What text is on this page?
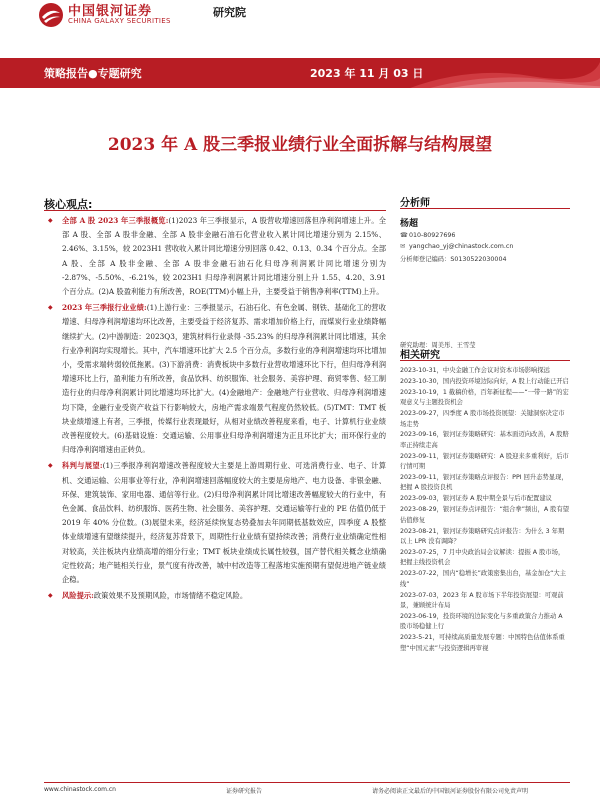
中国银河证券
CHINA GALAXY SECURITIES
研究院
策略报告●专题研究	2023 年 11 月 03 日
2023 年 A 股三季报业绩行业全面拆解与结构展望
核心观点:
◆ 全部 A 股 2023 年三季报概览:(1)2023 年三季报显示，A 股营收增速回落但净利润增速上升。全部 A 股、全部 A 股非金融、全部 A 股非金融石油石化营业收入累计同比增速分别为 2.15%、2.46%、3.15%，较 2023H1 营收收入累计同比增速分别回落 0.42、0.13、0.34 个百分点。全部 A 股、全部 A 股非金融、全部 A 股非金融石油石化归母净利润累计同比增速分别为 -2.87%、-5.50%、-6.21%，较 2023H1 归母净利润累计同比增速分别上升 1.55、4.20、3.91 个百分点。(2)A 股盈利能力有所改善，ROE(TTM)小幅上升，主要受益于销售净利率(TTM)上升。
◆ 2023 年三季报行业业绩:(1)上游行业：三季报显示，石油石化、有色金属、钢铁、基础化工的营收增速、归母净利润增速均环比改善，主要受益于经济复苏、需求增加价格上行，而煤炭行业业绩降幅继续扩大。(2)中游制造：2023Q3，建筑材料行业录得 -35.23% 的归母净利润累计同比增速，其余行业净利润均实现增长。其中，汽车增速环比扩大 2.5 个百分点，多数行业的净利润增速均环比增加小，受需求端转弱较低拖累。(3)下游消费：消费板块中多数行业营收增速环比下行，但归母净利润增速环比上行，盈利能力有所改善，食品饮料、纺织服饰、社会服务、美容护理、商贸零售、轻工制造行业的归母净利润累计同比增速均环比扩大。(4)金融地产：金融地产行业营收、归母净利润增速均下降，金融行业受资产收益下行影响较大，房地产需求端景气程度仍然较低。(5)TMT：TMT 板块业绩增速上有者，三季报，传媒行业表现最好，从相对业绩改善程度来看，电子、计算机行业业绩改善程度较大。(6)基础设施：交通运输、公用事业归母净利润增速为正且环比扩大；而环保行业的归母净利润增速由正转负。
◆ 科判与展望:(1)三季报净利润增速改善程度较大主要是上游周期行业、可选消费行业、电子、计算机、交通运输、公用事业等行业，净利润增速回落幅度较大的主要是房地产、电力设备、非银金融、环保、建筑装饰、家用电器、通信等行业。(2)归母净利润累计同比增速改善幅度较大的行业中，有色金属、食品饮料、纺织服饰、医药生物、社会服务、美容护理、交通运输等行业的 PE 估值仍低于 2019 年 40% 分位数。(3)展望未来，经济延续恢复态势叠加去年同期低基数效应，四季度 A 股整体业绩增速有望继续提升，经济复苏背景下，周期性行业业绩有望持续改善；消费行业业绩确定性相对较高，关注板块内业绩高增的细分行业；TMT 板块业绩成长属性较强，国产替代相关概念业绩确定性较高；地产链相关行业，景气度有待改善，城中村改造等工程落地实施预期有望促进地产链业绩企稳。
◆ 风险提示:政策效果不及预期风险，市场情绪不稳定风险。
分析师
杨超
☎010-80927696
✉ yangchao_yj@chinastock.com.cn
分析师登记编码：S0130522030004
研究助理：周美彤、王雪莹
相关研究
2023-10-31，中央金融工作会议对资本市场影响探远
2023-10-30，国内投资环境边际向好，A 股上行动能已开启
2023-10-19，1 截稿价格，百年新征程——“一带一路”的宏观意义与主题投资机会
2023-09-27，四季度 A 股市场投资展望：关键洞察决定市场走势
2023-09-16，银河证券策略研究：基本面迈向改善，A 股赔率正持续走高
2023-09-11，银河证券策略研究：A 股迎来多重利好，后市行情可期
2023-09-11，银河证券策略点评报告：PPI 回升态势显现，把握 A 股投资良机
2023-09-03，银河证券 A 股中期全景与后市配置建议
2023-08-29，银河证券点评报告：“组合拳”频出，A 股有望估值修复
2023-08-21，银河证券策略研究点评报告：为什么 3 年期以上 LPR 没有调降？
2023-07-25，7 月中央政治局会议解读：提振 A 股市场，把握主线投资机会
2023-07-22，国内“稳增长”政策密集出台，基金加仓“大主线”
2023-07-03，2023 年 A 股市场下半年投资展望：可观前景，兼顾统计布局
2023-06-19，投资环境的边际变化与多重政策合力推动 A 股市场稳健上行
2023-5-21，可持续高质量发展专题：中国特色估值体系重塑“中国元素”与投资逻辑再审视
www.chinastock.com.cn	证券研究报告	请务必阅读正文最后的中国银河证券股份有限公司免责声明
